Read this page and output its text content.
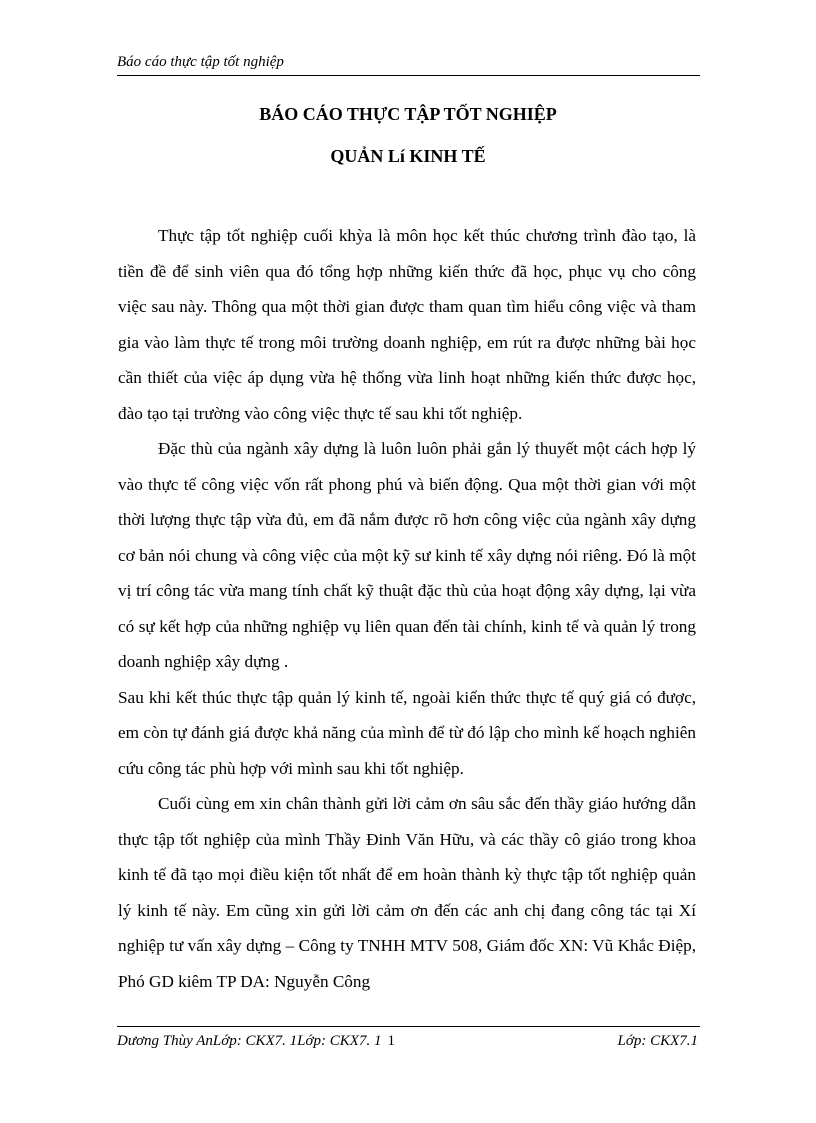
Báo cáo thực tập tốt nghiệp
BÁO CÁO THỰC TẬP TỐT NGHIỆP
QUẢN Lí KINH TẾ

Thực tập tốt nghiệp cuối khỳa là môn học kết thúc chương trình đào tạo, là tiền đề để sinh viên qua đó tổng hợp những kiến thức đã học, phục vụ cho công việc sau này. Thông qua một thời gian được tham quan tìm hiểu công việc và tham gia vào làm thực tế trong môi trường doanh nghiệp, em rút ra được những bài học cần thiết của việc áp dụng vừa hệ thống vừa linh hoạt những kiến thức được học, đào tạo tại trường vào công việc thực tế sau khi tốt nghiệp.

Đặc thù của ngành xây dựng là luôn luôn phải gắn lý thuyết một cách hợp lý vào thực tế công việc vốn rất phong phú và biến động. Qua một thời gian với một thời lượng thực tập vừa đủ, em đã nắm được rõ hơn công việc của ngành xây dựng cơ bản nói chung và công việc của một kỹ sư kinh tế xây dựng nói riêng. Đó là một vị trí công tác vừa mang tính chất kỹ thuật đặc thù của hoạt động xây dựng, lại vừa có sự kết hợp của những nghiệp vụ liên quan đến tài chính, kinh tế và quản lý trong doanh nghiệp xây dựng .

Sau khi kết thúc thực tập quản lý kinh tế, ngoài kiến thức thực tế quý giá có được, em còn tự đánh giá được khả năng của mình để từ đó lập cho mình kế hoạch nghiên cứu công tác phù hợp với mình sau khi tốt nghiệp.

Cuối cùng em xin chân thành gửi lời cảm ơn sâu sắc đến thầy giáo hướng dẫn thực tập tốt nghiệp của mình Thầy Đinh Văn Hữu, và các thầy cô giáo trong khoa kinh tế đã tạo mọi điều kiện tốt nhất để em hoàn thành kỳ thực tập tốt nghiệp quản lý kinh tế này. Em cũng xin gửi lời cảm ơn đến các anh chị đang công tác tại Xí nghiệp tư vấn xây dựng – Công ty TNHH MTV 508, Giám đốc XN: Vũ Khắc Điệp, Phó GD kiêm TP DA: Nguyễn Công

Dương Thùy AnLớp: CKX7. 1Lớp: CKX7. 1 1	Lớp: CKX7.1
